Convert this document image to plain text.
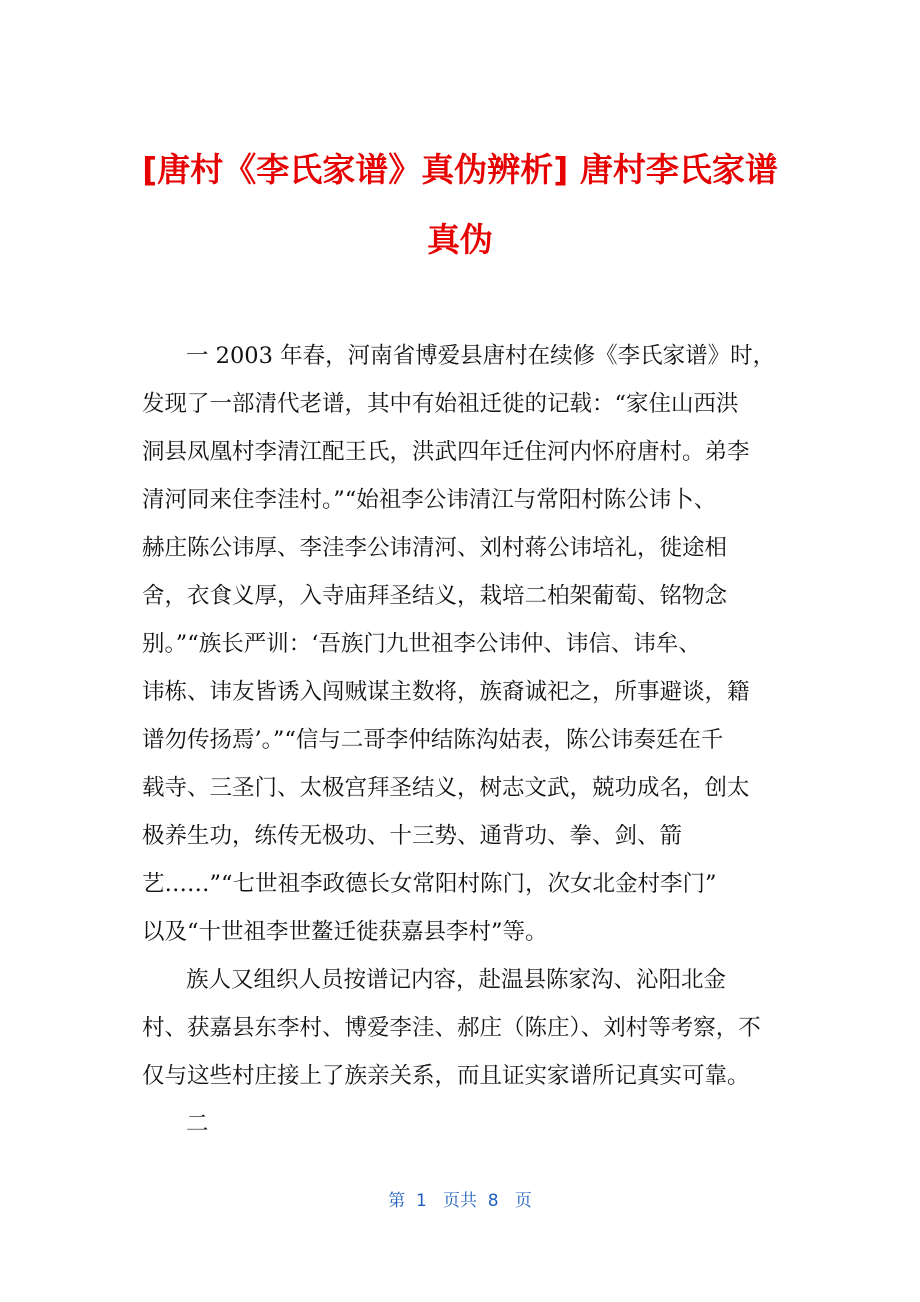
[唐村《李氏家谱》真伪辨析] 唐村李氏家谱
真伪

一 2003 年春，河南省博爱县唐村在续修《李氏家谱》时，

发现了一部清代老谱，其中有始祖迁徙的记载：“家住山西洪

洞县凤凰村李清江配王氏，洪武四年迁住河内怀府唐村。弟李

清河同来住李洼村。”“始祖李公讳清江与常阳村陈公讳卜、

赫庄陈公讳厚、李洼李公讳清河、刘村蒋公讳培礼，徙途相

舍，衣食义厚，入寺庙拜圣结义，栽培二柏架葡萄、铭物念

别。”“族长严训：‘吾族门九世祖李公讳仲、讳信、讳牟、

讳栋、讳友皆诱入闯贼谋主数将，族裔诚祀之，所事避谈，籍

谱勿传扬焉’。”“信与二哥李仲结陈沟姑表，陈公讳奏廷在千

载寺、三圣门、太极宫拜圣结义，树志文武，兢功成名，创太

极养生功，练传无极功、十三势、通背功、拳、剑、箭

艺……”“七世祖李政德长女常阳村陈门，次女北金村李门”

以及“十世祖李世鳌迁徙获嘉县李村”等。

族人又组织人员按谱记内容，赴温县陈家沟、沁阳北金

村、获嘉县东李村、博爱李洼、郝庄（陈庄）、刘村等考察，不

仅与这些村庄接上了族亲关系，而且证实家谱所记真实可靠。

二

第  1   页共  8   页
